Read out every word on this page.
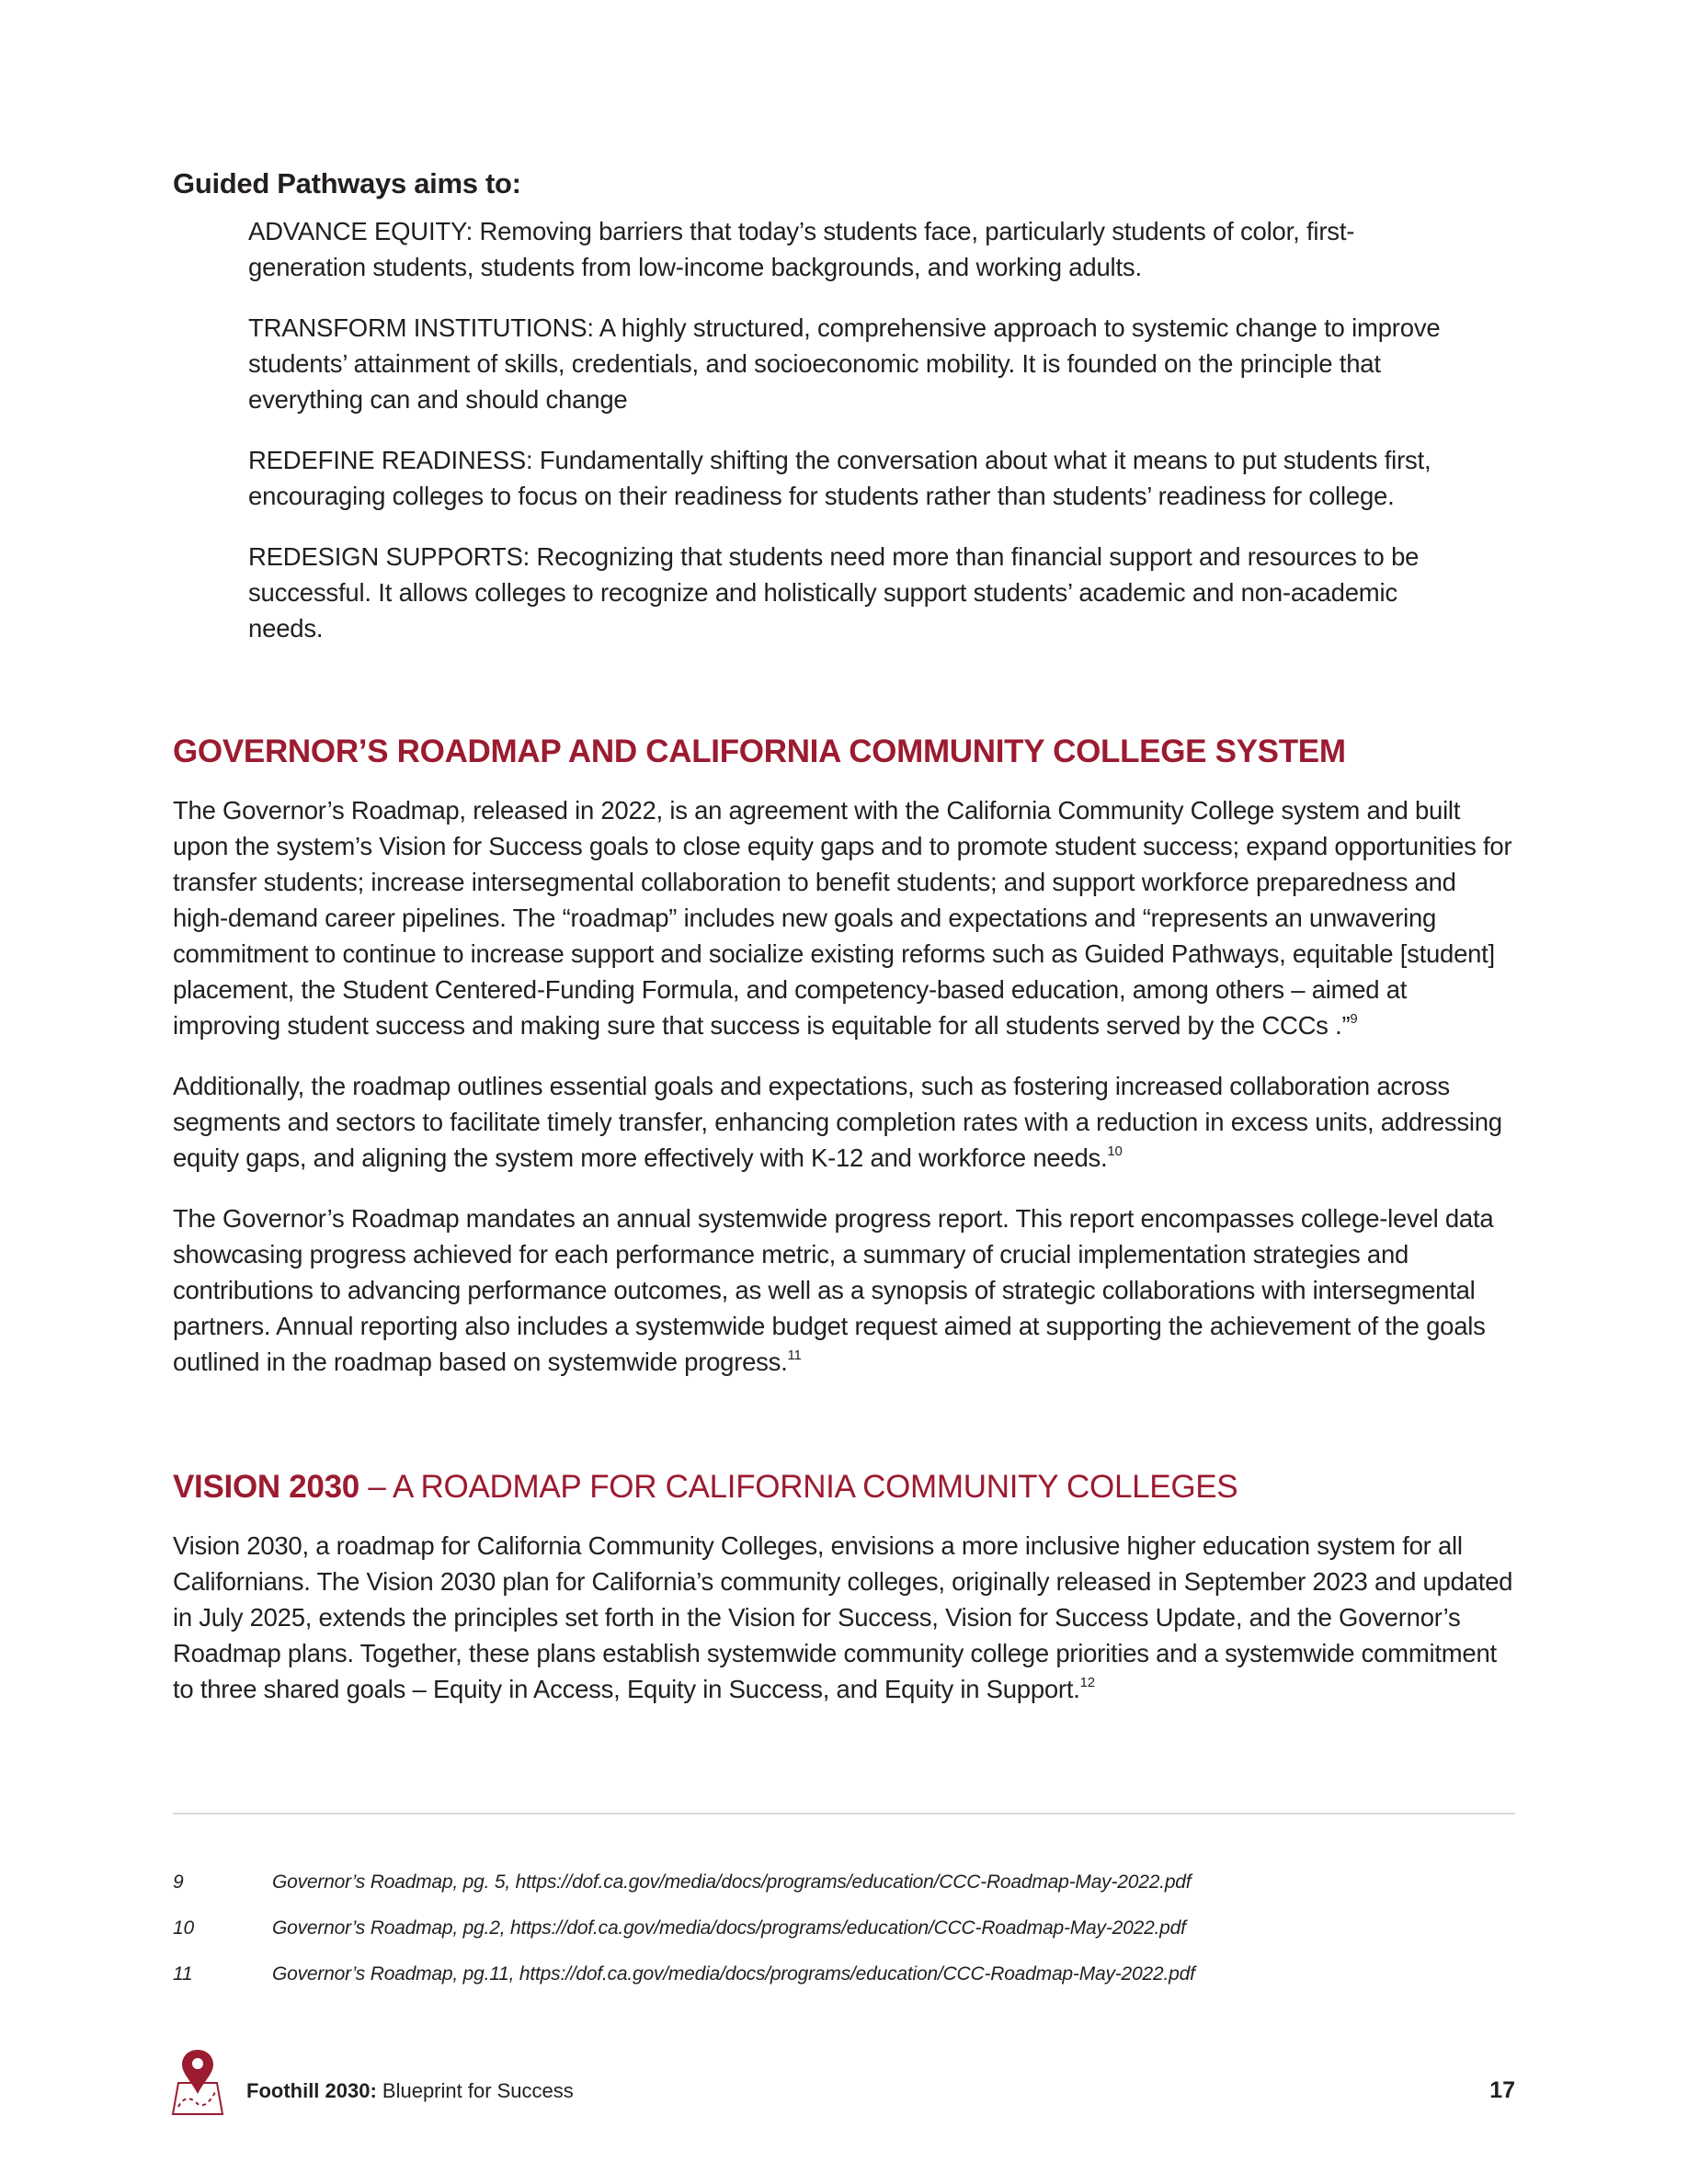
Guided Pathways aims to:

ADVANCE EQUITY: Removing barriers that today’s students face, particularly students of color, first-generation students, students from low-income backgrounds, and working adults.

TRANSFORM INSTITUTIONS: A highly structured, comprehensive approach to systemic change to improve students’ attainment of skills, credentials, and socioeconomic mobility. It is founded on the principle that everything can and should change

REDEFINE READINESS: Fundamentally shifting the conversation about what it means to put students first, encouraging colleges to focus on their readiness for students rather than students’ readiness for college.

REDESIGN SUPPORTS: Recognizing that students need more than financial support and resources to be successful. It allows colleges to recognize and holistically support students’ academic and non-academic needs.

GOVERNOR’S ROADMAP AND CALIFORNIA COMMUNITY COLLEGE SYSTEM

The Governor’s Roadmap, released in 2022, is an agreement with the California Community College system and built upon the system’s Vision for Success goals to close equity gaps and to promote student success; expand opportunities for transfer students; increase intersegmental collaboration to benefit students; and support workforce preparedness and high-demand career pipelines. The “roadmap” includes new goals and expectations and “represents an unwavering commitment to continue to increase support and socialize existing reforms such as Guided Pathways, equitable [student] placement, the Student Centered-Funding Formula, and competency-based education, among others – aimed at improving student success and making sure that success is equitable for all students served by the CCCs .”$^9$

Additionally, the roadmap outlines essential goals and expectations, such as fostering increased collaboration across segments and sectors to facilitate timely transfer, enhancing completion rates with a reduction in excess units, addressing equity gaps, and aligning the system more effectively with K-12 and workforce needs.$^{10}$

The Governor’s Roadmap mandates an annual systemwide progress report. This report encompasses college-level data showcasing progress achieved for each performance metric, a summary of crucial implementation strategies and contributions to advancing performance outcomes, as well as a synopsis of strategic collaborations with intersegmental partners. Annual reporting also includes a systemwide budget request aimed at supporting the achievement of the goals outlined in the roadmap based on systemwide progress.$^{11}$

VISION 2030 – A ROADMAP FOR CALIFORNIA COMMUNITY COLLEGES

Vision 2030, a roadmap for California Community Colleges, envisions a more inclusive higher education system for all Californians. The Vision 2030 plan for California’s community colleges, originally released in September 2023 and updated in July 2025, extends the principles set forth in the Vision for Success, Vision for Success Update, and the Governor’s Roadmap plans. Together, these plans establish systemwide community college priorities and a systemwide commitment to three shared goals – Equity in Access, Equity in Success, and Equity in Support.$^{12}$

9	Governor’s Roadmap, pg. 5, https://dof.ca.gov/media/docs/programs/education/CCC-Roadmap-May-2022.pdf
10	Governor’s Roadmap, pg.2, https://dof.ca.gov/media/docs/programs/education/CCC-Roadmap-May-2022.pdf
11	Governor’s Roadmap, pg.11, https://dof.ca.gov/media/docs/programs/education/CCC-Roadmap-May-2022.pdf
Foothill 2030: Blueprint for Success	17
